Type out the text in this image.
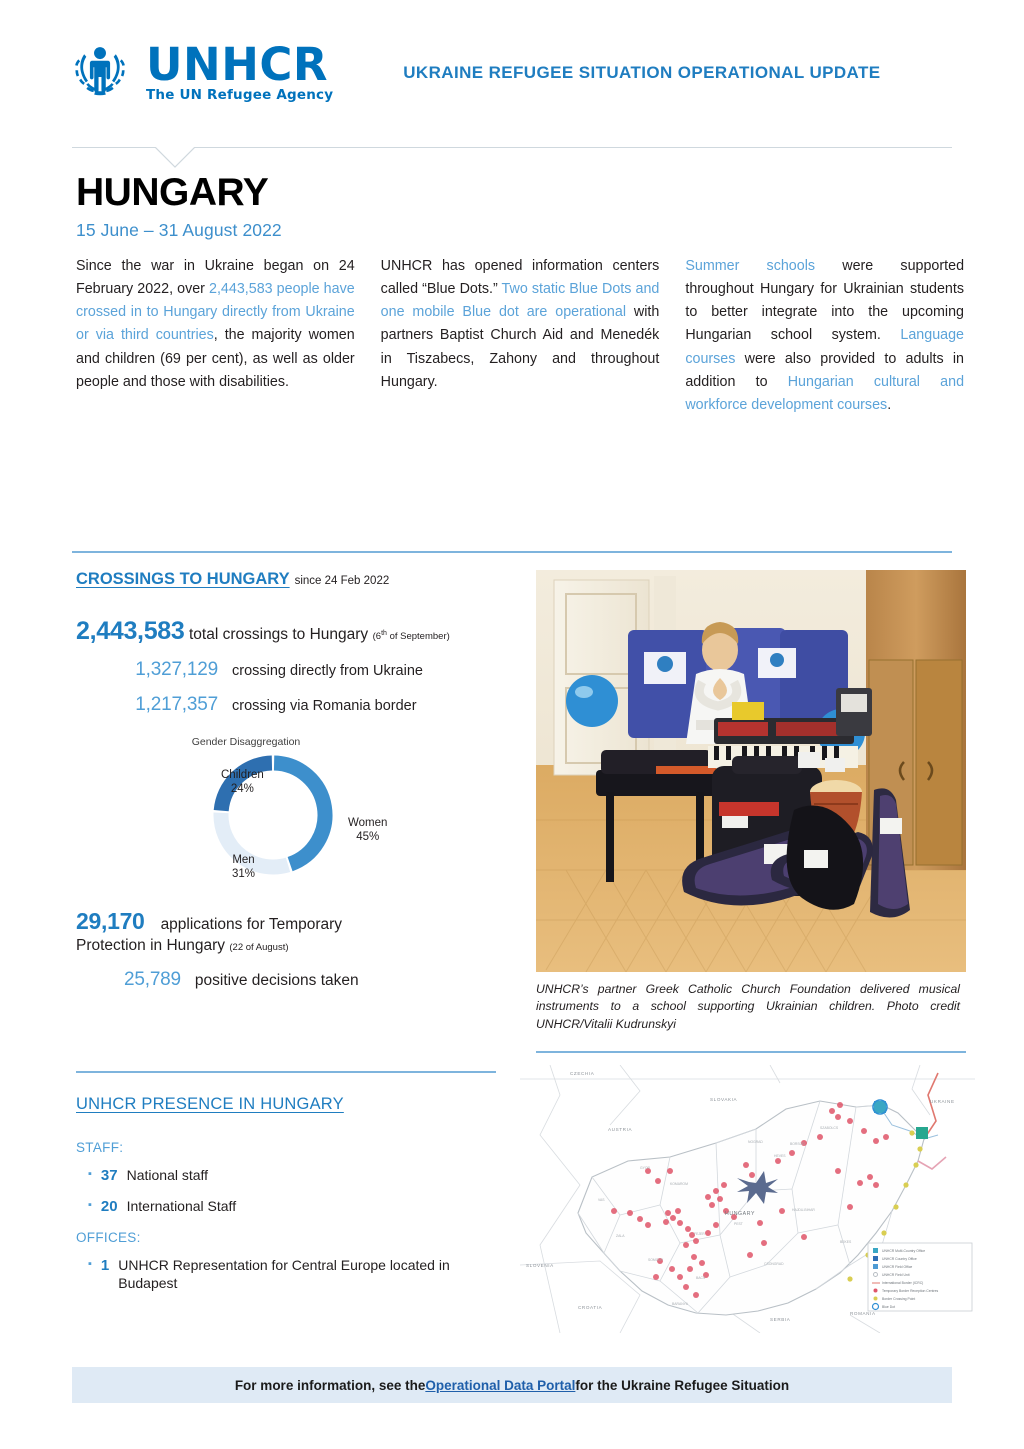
UNHCR
The UN Refugee Agency
UKRAINE REFUGEE SITUATION OPERATIONAL UPDATE
HUNGARY
15 June – 31 August 2022
Since the war in Ukraine began on 24 February 2022, over 2,443,583 people have crossed in to Hungary directly from Ukraine or via third countries, the majority women and children (69 per cent), as well as older people and those with disabilities.
UNHCR has opened information centers called “Blue Dots.” Two static Blue Dots and one mobile Blue dot are operational with partners Baptist Church Aid and Menedék in Tiszabecs, Zahony and throughout Hungary.
Summer schools were supported throughout Hungary for Ukrainian students to better integrate into the upcoming Hungarian school system. Language courses were also provided to adults in addition to Hungarian cultural and workforce development courses.
CROSSINGS TO HUNGARY since 24 Feb 2022
2,443,583 total crossings to Hungary (6th of September)
1,327,129 crossing directly from Ukraine
1,217,357 crossing via Romania border
Gender Disaggregation
Children
24%
Women
45%
Men
31%
29,170 applications for Temporary
Protection in Hungary (22 of August)
25,789 positive decisions taken	UNHCR’s partner Greek Catholic Church Foundation delivered musical instruments to a school supporting Ukrainian children. Photo credit UNHCR/Vitalii Kudrunskyi
CZECHIA
SLOVAKIA	UKRAINE
AUSTRIA
HUNGARY
SLOVENIA
CROATIA
SERBIA
ROMANIA
BORSOD
HEVES
NOGRAD
SZABOLCS
GYOR
KOMAROM
VAS
ZALA
SOMOGY
BACS
CSONGRAD
BEKES
FEJER
PEST
HAJDU-BIHAR
BARANYA
UNHCR Multi-Country Office
UNHCR Country Office
UNHCR Field Office
UNHCR Field Unit
International Border (ICRC)
Temporary Border Reception Centres
Border Crossing Point
Blue Dot
UNHCR PRESENCE IN HUNGARY
STAFF:
▪ 37 National staff
▪ 20 International Staff
OFFICES:
▪ 1 UNHCR Representation for Central Europe located in Budapest
For more information, see the Operational Data Portal for the Ukraine Refugee Situation
